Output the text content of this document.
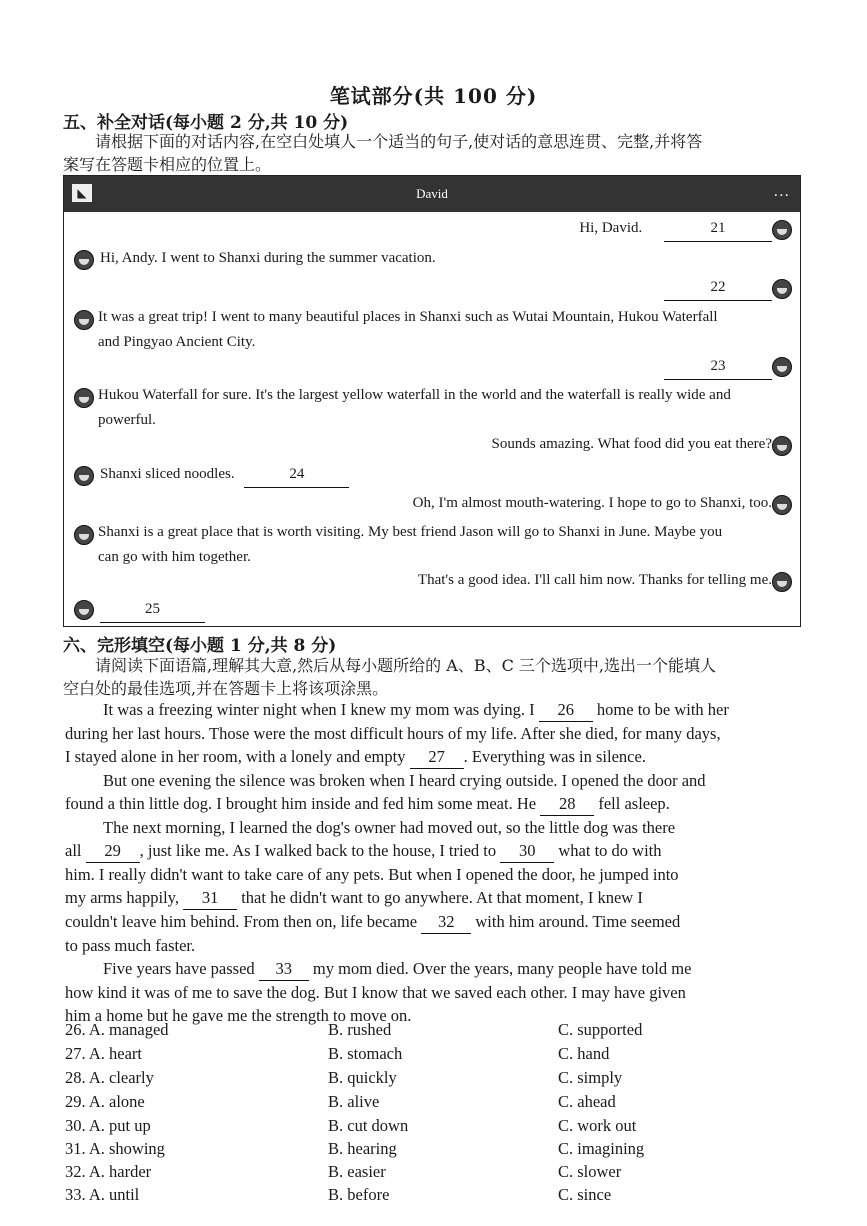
笔试部分(共 100 分)
五、补全对话(每小题 2 分,共 10 分)
请根据下面的对话内容,在空白处填人一个适当的句子,使对话的意思连贯、完整,并将答
案写在答题卡相应的位置上。
◣	David	...
Hi, David.	21
Hi, Andy. I went to Shanxi during the summer vacation.
22
It was a great trip! I went to many beautiful places in Shanxi such as Wutai Mountain, Hukou Waterfall
and Pingyao Ancient City.
23
Hukou Waterfall for sure. It's the largest yellow waterfall in the world and the waterfall is really wide and
powerful.
Sounds amazing. What food did you eat there?
Shanxi sliced noodles.	24
Oh, I'm almost mouth-watering. I hope to go to Shanxi, too.
Shanxi is a great place that is worth visiting. My best friend Jason will go to Shanxi in June. Maybe you
can go with him together.
That's a good idea. I'll call him now. Thanks for telling me.
25
六、完形填空(每小题 1 分,共 8 分)
请阅读下面语篇,理解其大意,然后从每小题所给的 A、B、C 三个选项中,选出一个能填人
空白处的最佳选项,并在答题卡上将该项涂黑。
It was a freezing winter night when I knew my mom was dying. I 26 home to be with her
during her last hours. Those were the most difficult hours of my life. After she died, for many days,
I stayed alone in her room, with a lonely and empty 27 . Everything was in silence.
But one evening the silence was broken when I heard crying outside. I opened the door and
found a thin little dog. I brought him inside and fed him some meat. He 28 fell asleep.
The next morning, I learned the dog's owner had moved out, so the little dog was there
all 29 , just like me. As I walked back to the house, I tried to 30 what to do with
him. I really didn't want to take care of any pets. But when I opened the door, he jumped into
my arms happily, 31 that he didn't want to go anywhere. At that moment, I knew I
couldn't leave him behind. From then on, life became 32 with him around. Time seemed
to pass much faster.
Five years have passed 33 my mom died. Over the years, many people have told me
how kind it was of me to save the dog. But I know that we saved each other. I may have given
him a home but he gave me the strength to move on.
26. A. managed	B. rushed	C. supported
27. A. heart	B. stomach	C. hand
28. A. clearly	B. quickly	C. simply
29. A. alone	B. alive	C. ahead
30. A. put up	B. cut down	C. work out
31. A. showing	B. hearing	C. imagining
32. A. harder	B. easier	C. slower
33. A. until	B. before	C. since
